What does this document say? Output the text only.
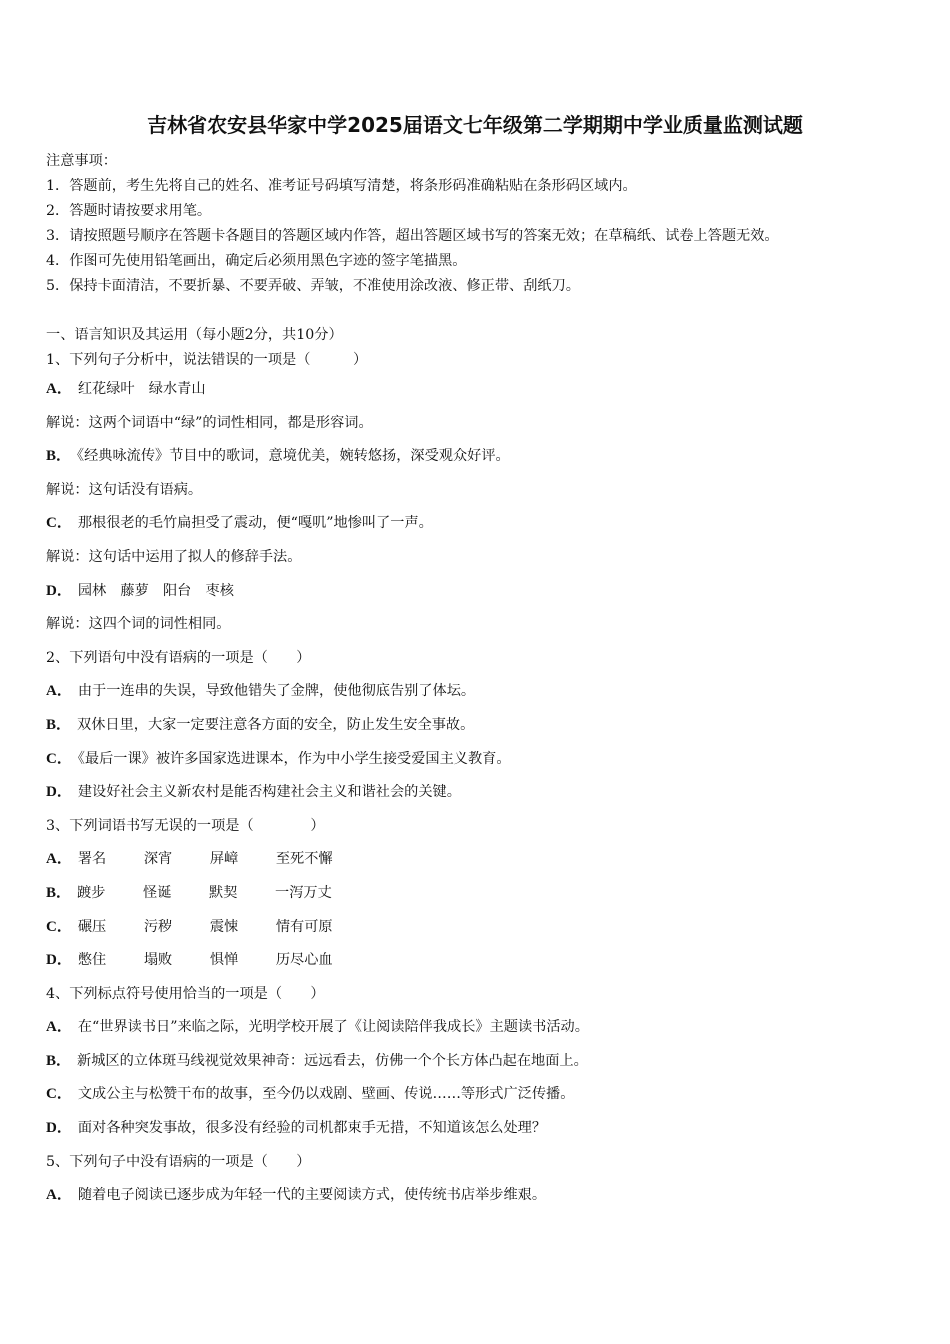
吉林省农安县华家中学2025届语文七年级第二学期期中学业质量监测试题
注意事项：
1．答题前，考生先将自己的姓名、准考证号码填写清楚，将条形码准确粘贴在条形码区域内。
2．答题时请按要求用笔。
3．请按照题号顺序在答题卡各题目的答题区域内作答，超出答题区域书写的答案无效；在草稿纸、试卷上答题无效。
4．作图可先使用铅笔画出，确定后必须用黑色字迹的签字笔描黑。
5．保持卡面清洁，不要折暴、不要弄破、弄皱，不准使用涂改液、修正带、刮纸刀。
一、语言知识及其运用（每小题2分，共10分）
1、下列句子分析中，说法错误的一项是（　　　）
A． 红花绿叶　绿水青山
解说：这两个词语中“绿”的词性相同，都是形容词。
B． 《经典咏流传》节目中的歌词，意境优美，婉转悠扬，深受观众好评。
解说：这句话没有语病。
C． 那根很老的毛竹扁担受了震动，便“嘎叽”地惨叫了一声。
解说：这句话中运用了拟人的修辞手法。
D． 园林　藤萝　阳台　枣核
解说：这四个词的词性相同。
2、下列语句中没有语病的一项是（　　）
A． 由于一连串的失误，导致他错失了金牌，使他彻底告别了体坛。
B． 双休日里，大家一定要注意各方面的安全，防止发生安全事故。
C． 《最后一课》被许多国家选进课本，作为中小学生接受爱国主义教育。
D． 建设好社会主义新农村是能否构建社会主义和谐社会的关键。
3、下列词语书写无误的一项是（　　　　）
A． 署名	深宵	屏嶂	至死不懈
B． 踱步	怪诞	默契	一泻万丈
C． 碾压	污秽	震悚	情有可原
D． 憋住	塌败	惧惮	历尽心血
4、下列标点符号使用恰当的一项是（　　）
A． 在“世界读书日”来临之际，光明学校开展了《让阅读陪伴我成长》主题读书活动。
B． 新城区的立体斑马线视觉效果神奇：远远看去，仿佛一个个长方体凸起在地面上。
C． 文成公主与松赞干布的故事，至今仍以戏剧、壁画、传说……等形式广泛传播。
D． 面对各种突发事故，很多没有经验的司机都束手无措，不知道该怎么处理？
5、下列句子中没有语病的一项是（　　）
A． 随着电子阅读已逐步成为年轻一代的主要阅读方式，使传统书店举步维艰。
